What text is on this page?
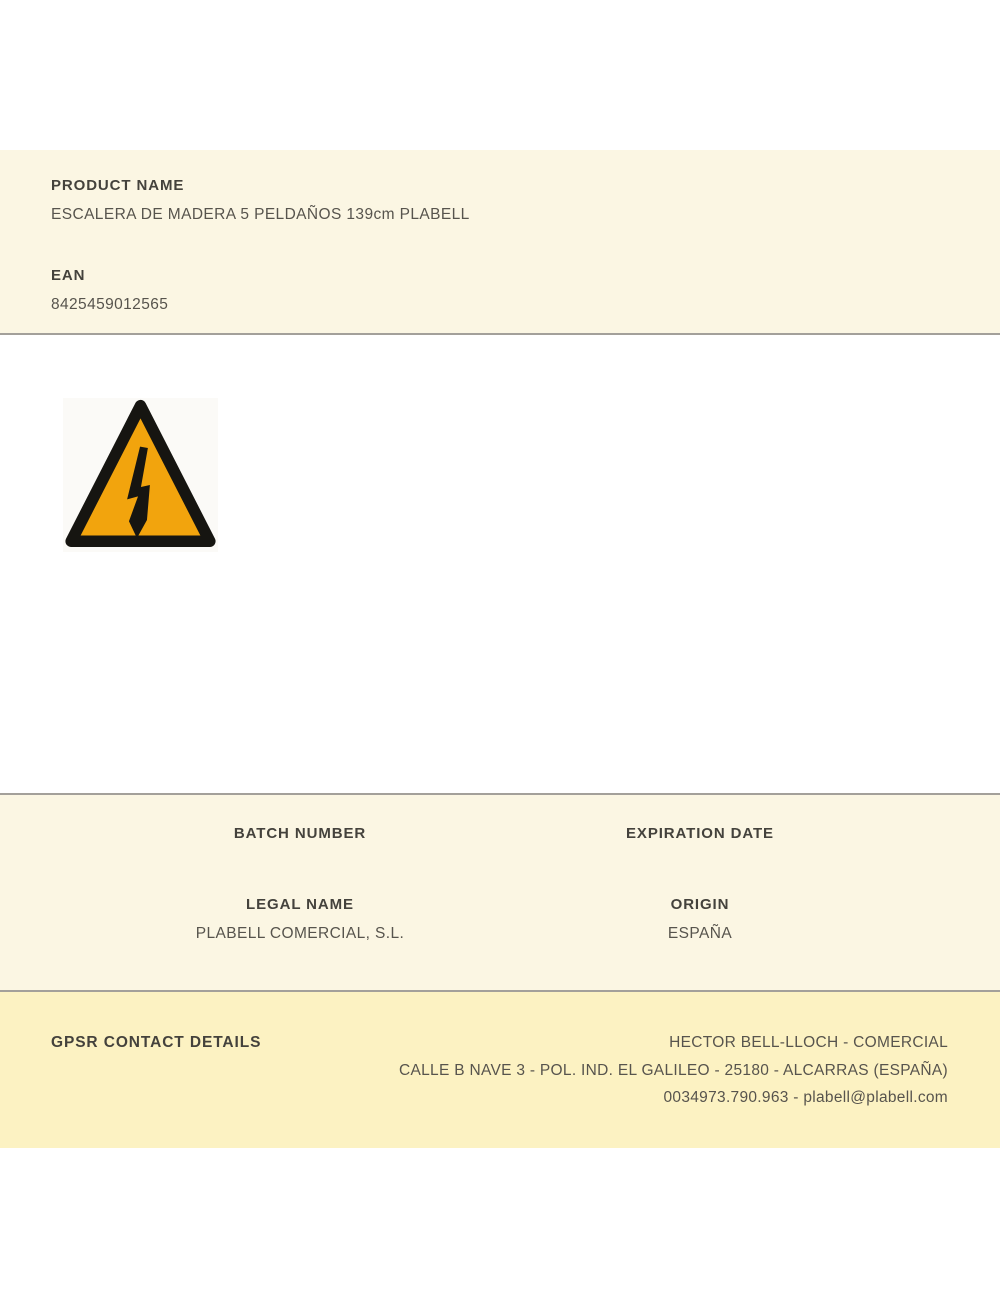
PRODUCT NAME
ESCALERA DE MADERA 5 PELDAÑOS 139cm PLABELL
EAN
8425459012565
BATCH NUMBER	EXPIRATION DATE
LEGAL NAME
PLABELL COMERCIAL, S.L.
ORIGIN
ESPAÑA
GPSR CONTACT DETAILS	HECTOR BELL-LLOCH - COMERCIAL
CALLE B NAVE 3 - POL. IND. EL GALILEO - 25180 - ALCARRAS (ESPAÑA)
0034973.790.963 - plabell@plabell.com
